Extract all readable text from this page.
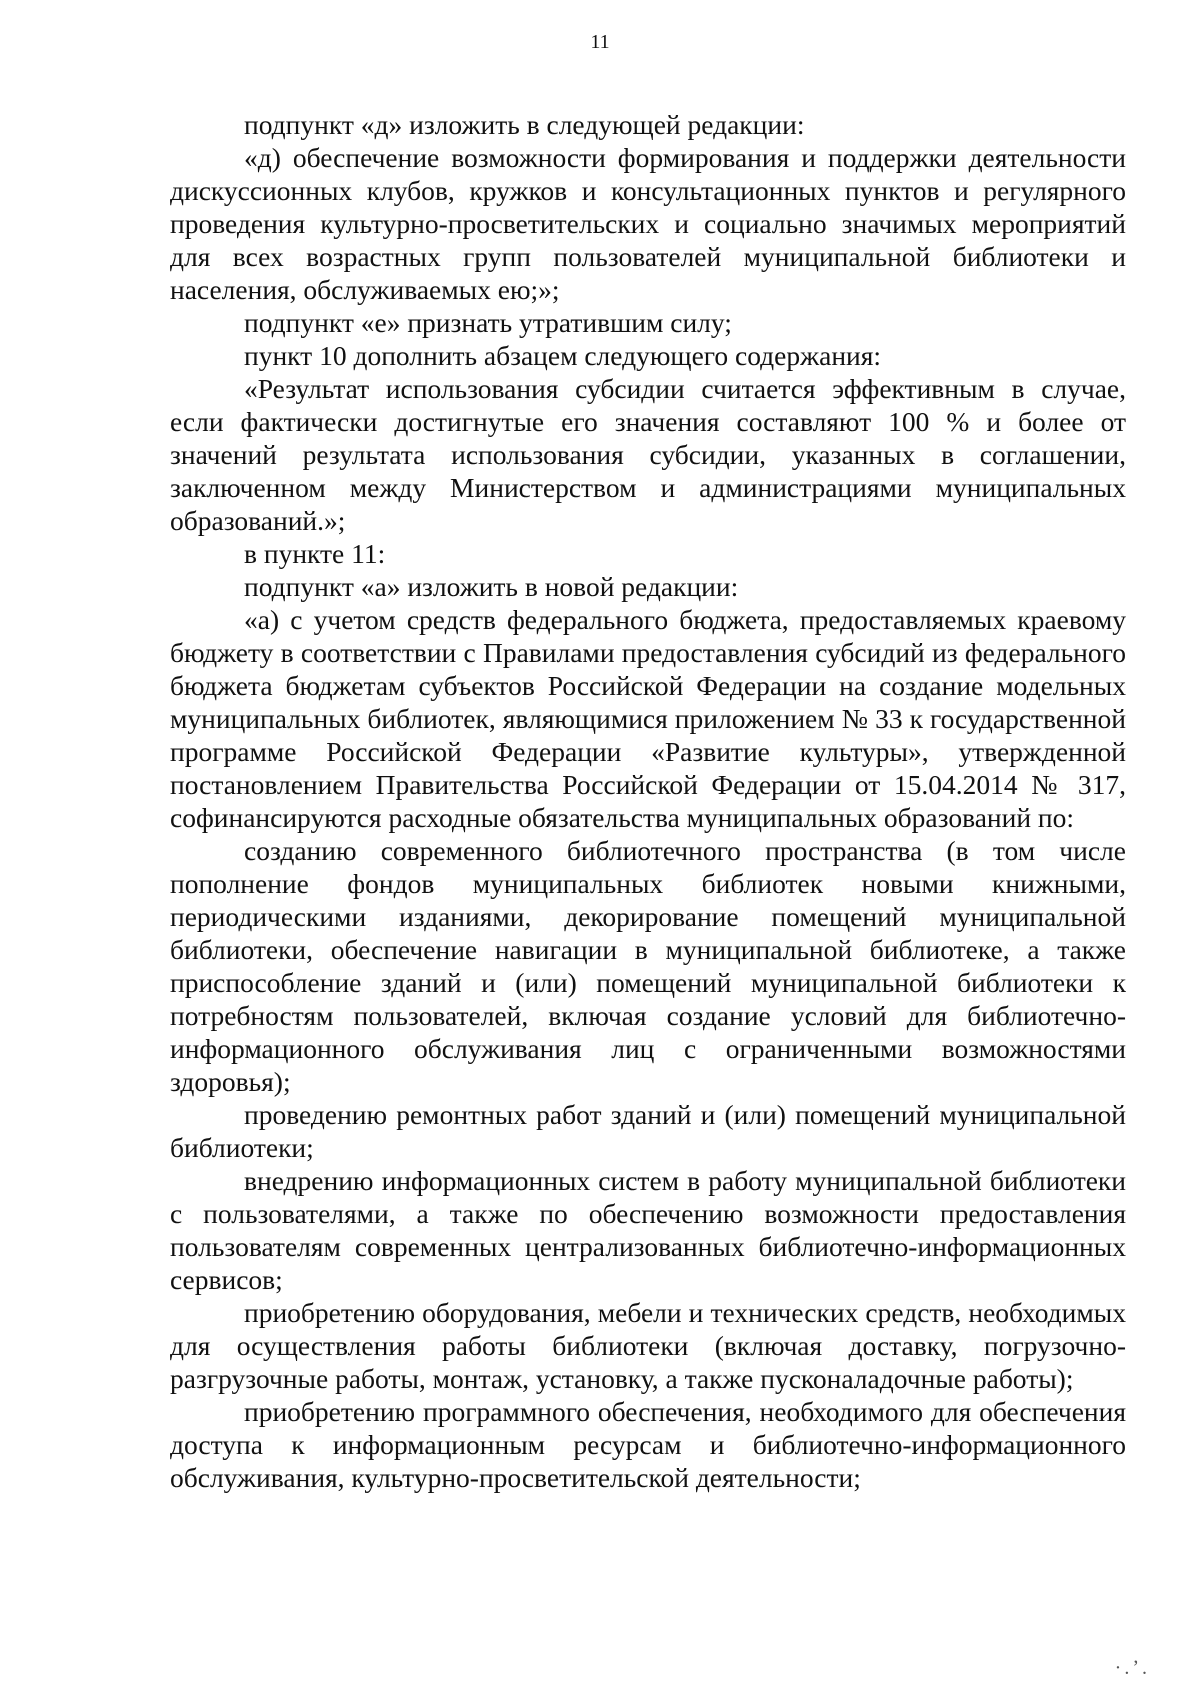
11

подпункт «д» изложить в следующей редакции:

«д) обеспечение возможности формирования и поддержки деятельности дискуссионных клубов, кружков и консультационных пунктов и регулярного проведения культурно-просветительских и социально значимых мероприятий для всех возрастных групп пользователей муниципальной библиотеки и населения, обслуживаемых ею;»;

подпункт «е» признать утратившим силу;

пункт 10 дополнить абзацем следующего содержания:

«Результат использования субсидии считается эффективным в случае, если фактически достигнутые его значения составляют 100 % и более от значений результата использования субсидии, указанных в соглашении, заключенном между Министерством и администрациями муниципальных образований.»;

в пункте 11:

подпункт «а» изложить в новой редакции:

«а) с учетом средств федерального бюджета, предоставляемых краевому бюджету в соответствии с Правилами предоставления субсидий из федерального бюджета бюджетам субъектов Российской Федерации на создание модельных муниципальных библиотек, являющимися приложением № 33 к государственной программе Российской Федерации «Развитие культуры», утвержденной постановлением Правительства Российской Федерации от 15.04.2014 № 317, софинансируются расходные обязательства муниципальных образований по:

созданию современного библиотечного пространства (в том числе пополнение фондов муниципальных библиотек новыми книжными, периодическими изданиями, декорирование помещений муниципальной библиотеки, обеспечение навигации в муниципальной библиотеке, а также приспособление зданий и (или) помещений муниципальной библиотеки к потребностям пользователей, включая создание условий для библиотечно-информационного обслуживания лиц с ограниченными возможностями здоровья);

проведению ремонтных работ зданий и (или) помещений муниципальной библиотеки;

внедрению информационных систем в работу муниципальной библиотеки с пользователями, а также по обеспечению возможности предоставления пользователям современных централизованных библиотечно-информационных сервисов;

приобретению оборудования, мебели и технических средств, необходимых для осуществления работы библиотеки (включая доставку, погрузочно-разгрузочные работы, монтаж, установку, а также пусконаладочные работы);

приобретению программного обеспечения, необходимого для обеспечения доступа к информационным ресурсам и библиотечно-информационного обслуживания, культурно-просветительской деятельности;

·.ʼ.
